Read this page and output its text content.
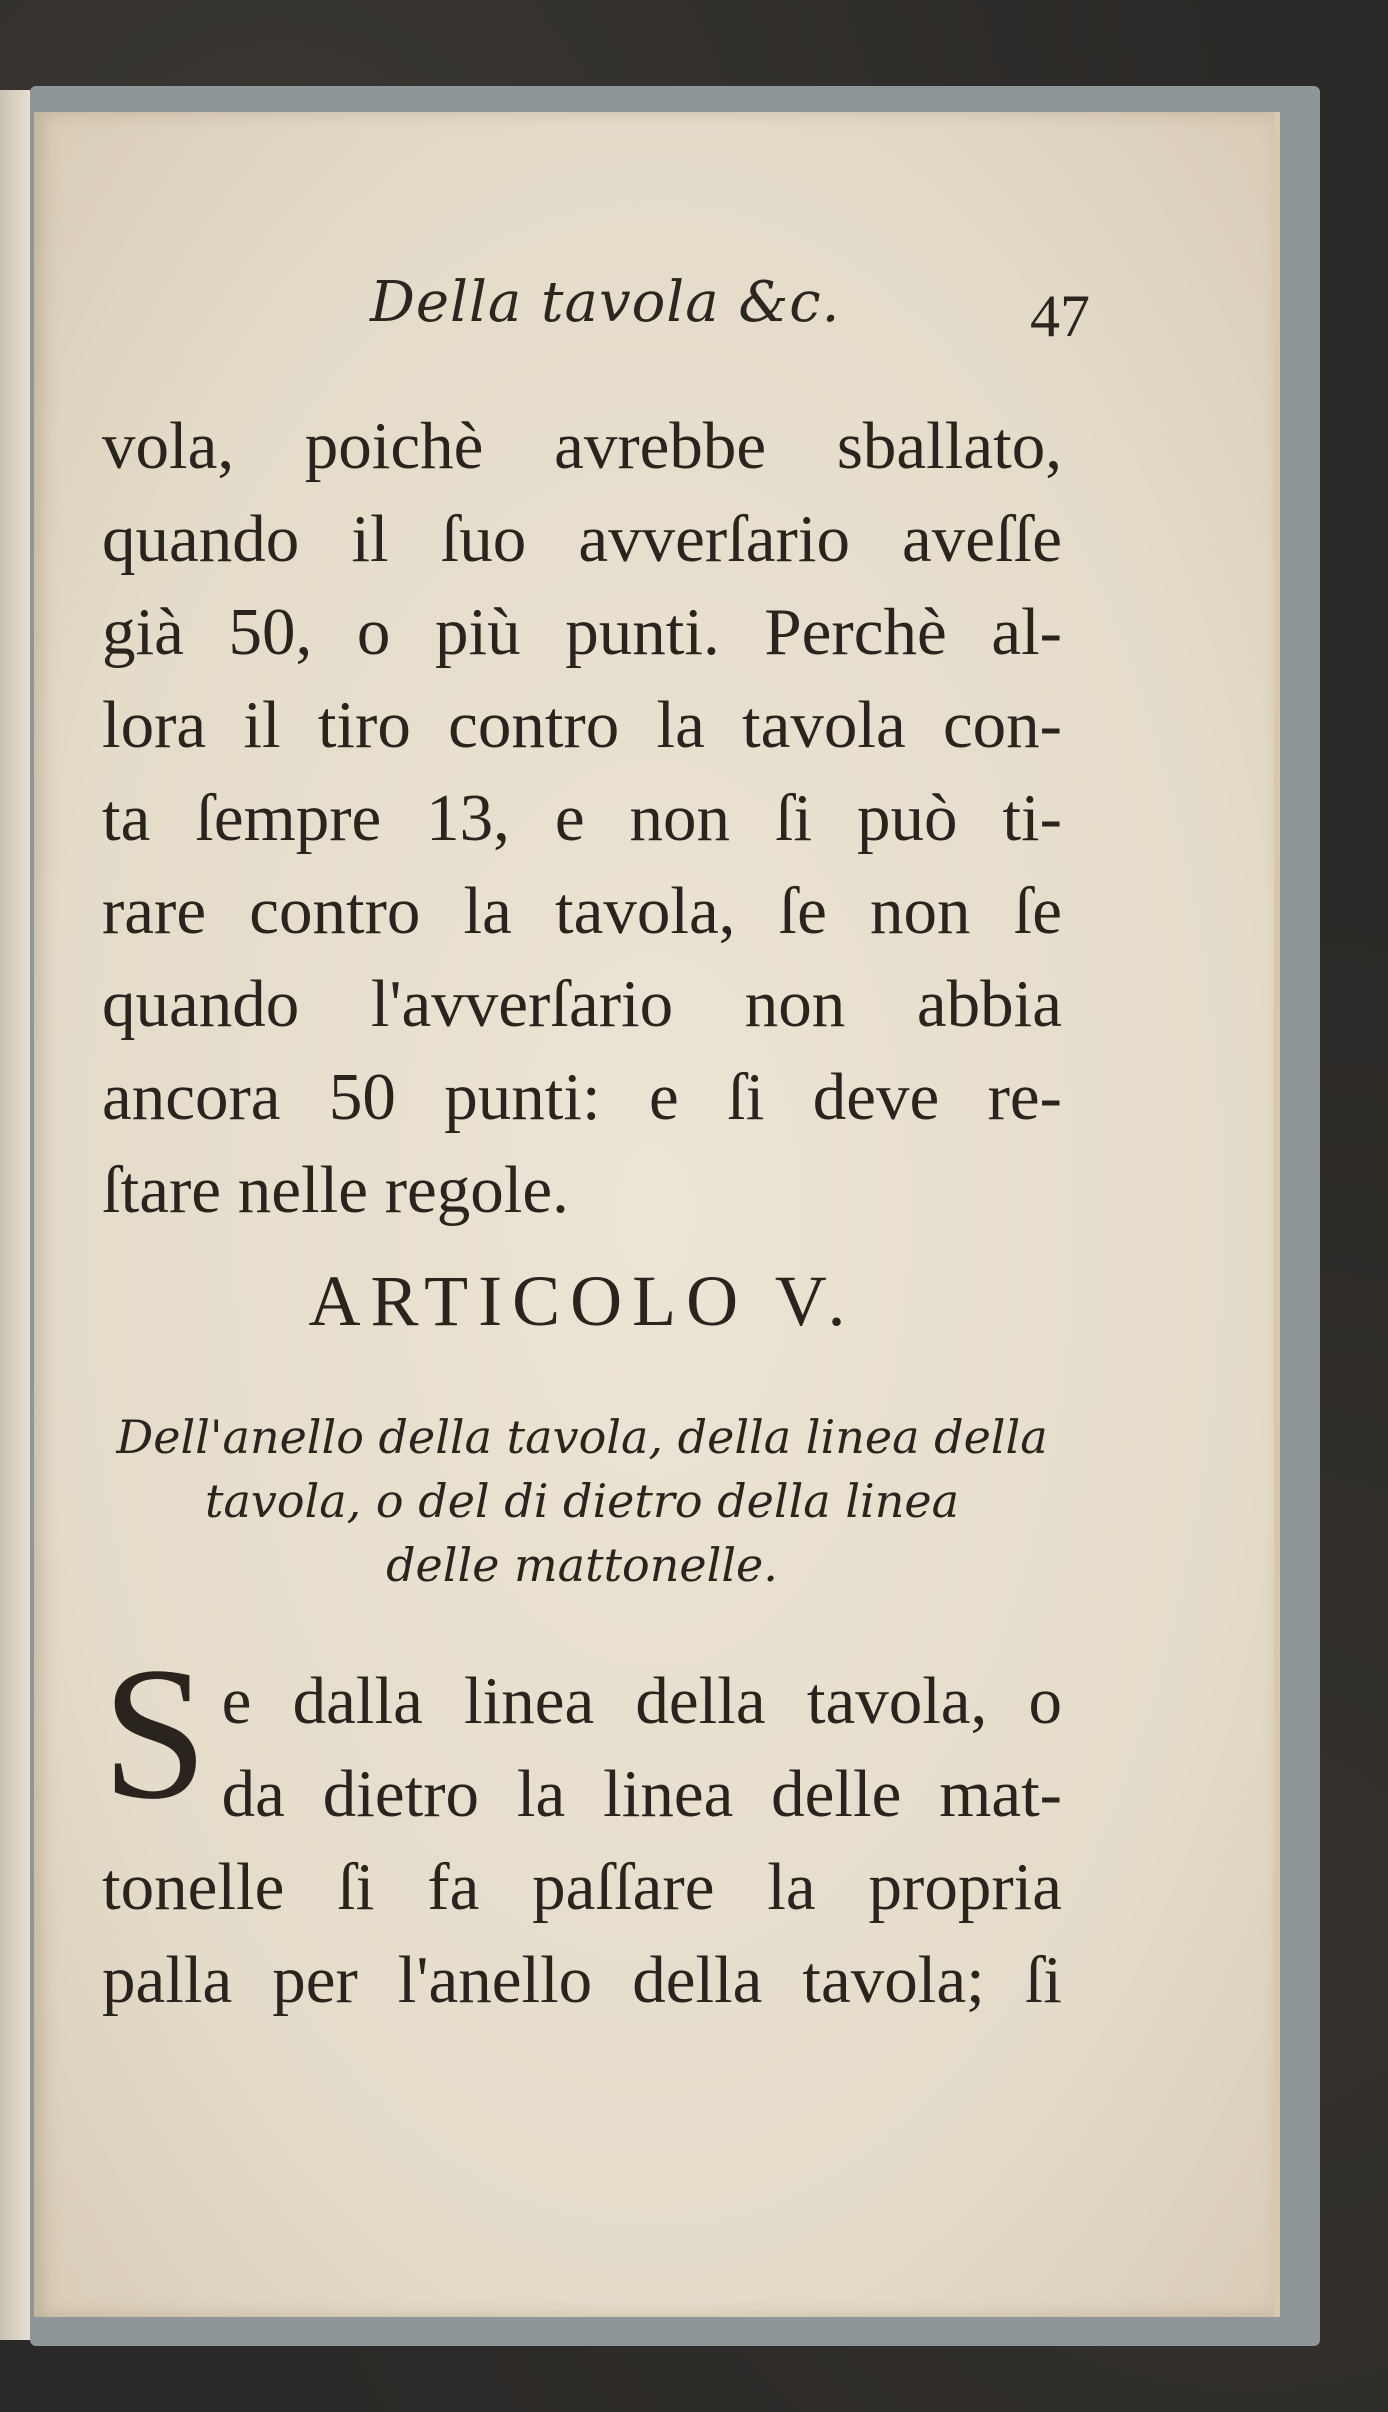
Della tavola &c.	47
vola, poichè avrebbe sballato,
quando il ſuo avverſario aveſſe
già 50, o più punti. Perchè al-
lora il tiro contro la tavola con-
ta ſempre 13, e non ſi può ti-
rare contro la tavola, ſe non ſe
quando l'avverſario non abbia
ancora 50 punti: e ſi deve re-
ſtare nelle regole.
ARTICOLO V.
Dell'anello della tavola, della linea della
tavola, o del di dietro della linea
delle mattonelle.
S e dalla linea della tavola, o
da dietro la linea delle mat-
tonelle ſi fa paſſare la propria
palla per l'anello della tavola; ſi
